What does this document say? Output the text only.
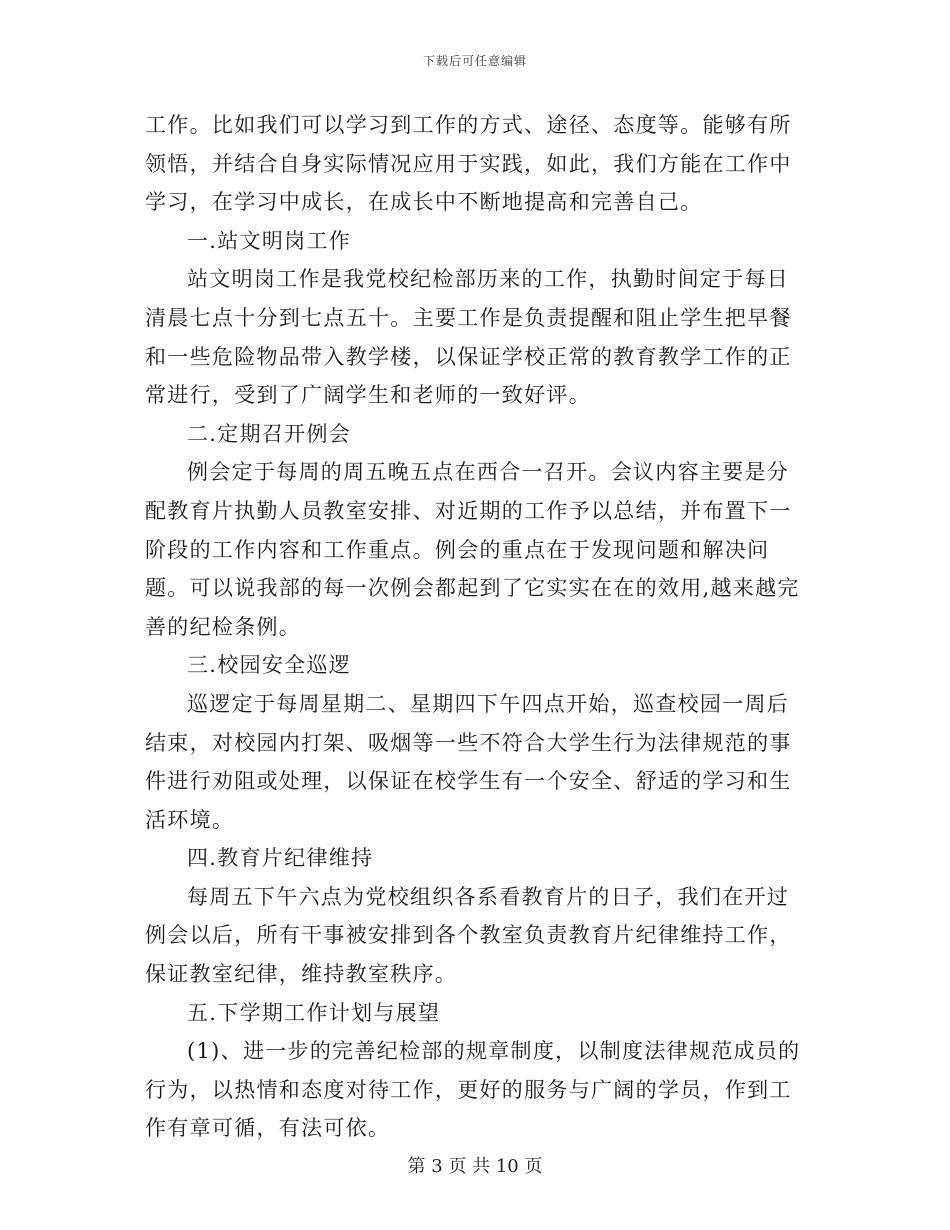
下载后可任意编辑

工作。比如我们可以学习到工作的方式、途径、态度等。能够有所领悟，并结合自身实际情况应用于实践，如此，我们方能在工作中学习，在学习中成长，在成长中不断地提高和完善自己。

一.站文明岗工作

站文明岗工作是我党校纪检部历来的工作，执勤时间定于每日清晨七点十分到七点五十。主要工作是负责提醒和阻止学生把早餐和一些危险物品带入教学楼，以保证学校正常的教育教学工作的正常进行，受到了广阔学生和老师的一致好评。

二.定期召开例会

例会定于每周的周五晚五点在西合一召开。会议内容主要是分配教育片执勤人员教室安排、对近期的工作予以总结，并布置下一阶段的工作内容和工作重点。例会的重点在于发现问题和解决问题。可以说我部的每一次例会都起到了它实实在在的效用,越来越完善的纪检条例。

三.校园安全巡逻

巡逻定于每周星期二、星期四下午四点开始，巡查校园一周后结束，对校园内打架、吸烟等一些不符合大学生行为法律规范的事件进行劝阻或处理，以保证在校学生有一个安全、舒适的学习和生活环境。

四.教育片纪律维持

每周五下午六点为党校组织各系看教育片的日子，我们在开过例会以后，所有干事被安排到各个教室负责教育片纪律维持工作，保证教室纪律，维持教室秩序。

五.下学期工作计划与展望

(1)、进一步的完善纪检部的规章制度，以制度法律规范成员的行为，以热情和态度对待工作，更好的服务与广阔的学员，作到工作有章可循，有法可依。

第 3 页 共 10 页
